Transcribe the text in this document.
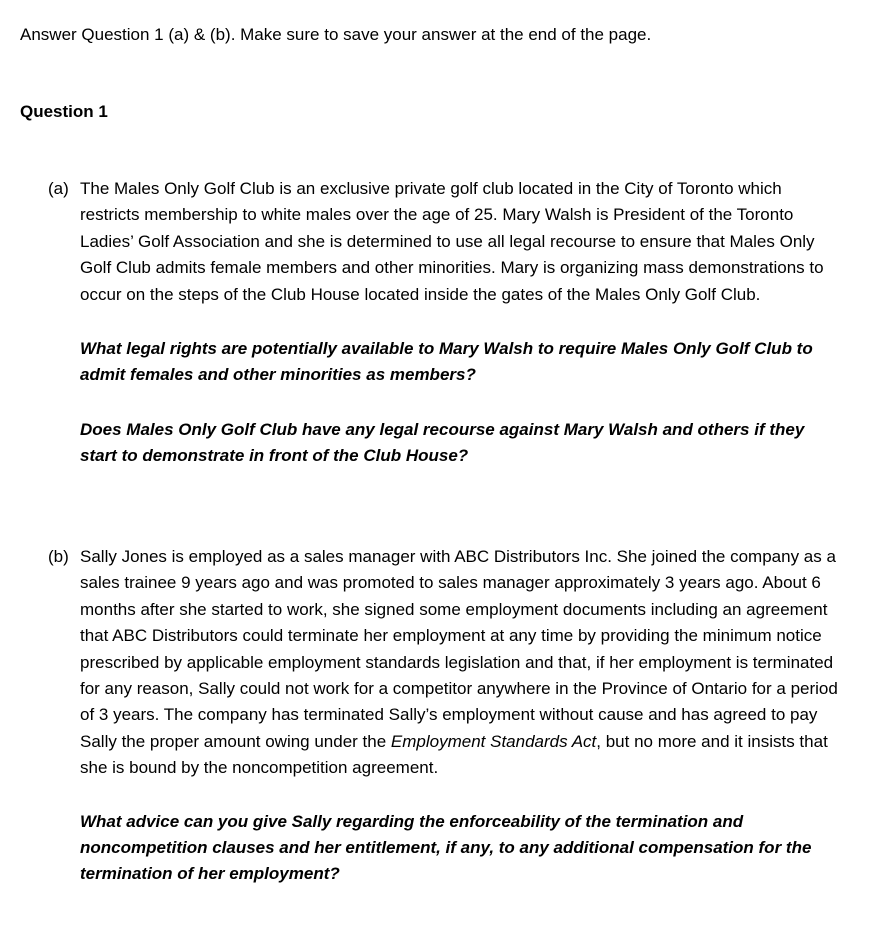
Answer Question 1 (a) & (b). Make sure to save your answer at the end of the page.
Question 1
(a) The Males Only Golf Club is an exclusive private golf club located in the City of Toronto which restricts membership to white males over the age of 25. Mary Walsh is President of the Toronto Ladies’ Golf Association and she is determined to use all legal recourse to ensure that Males Only Golf Club admits female members and other minorities. Mary is organizing mass demonstrations to occur on the steps of the Club House located inside the gates of the Males Only Golf Club.

What legal rights are potentially available to Mary Walsh to require Males Only Golf Club to admit females and other minorities as members?

Does Males Only Golf Club have any legal recourse against Mary Walsh and others if they start to demonstrate in front of the Club House?

(b) Sally Jones is employed as a sales manager with ABC Distributors Inc. She joined the company as a sales trainee 9 years ago and was promoted to sales manager approximately 3 years ago. About 6 months after she started to work, she signed some employment documents including an agreement that ABC Distributors could terminate her employment at any time by providing the minimum notice prescribed by applicable employment standards legislation and that, if her employment is terminated for any reason, Sally could not work for a competitor anywhere in the Province of Ontario for a period of 3 years. The company has terminated Sally’s employment without cause and has agreed to pay Sally the proper amount owing under the Employment Standards Act, but no more and it insists that she is bound by the noncompetition agreement.

What advice can you give Sally regarding the enforceability of the termination and noncompetition clauses and her entitlement, if any, to any additional compensation for the termination of her employment?
